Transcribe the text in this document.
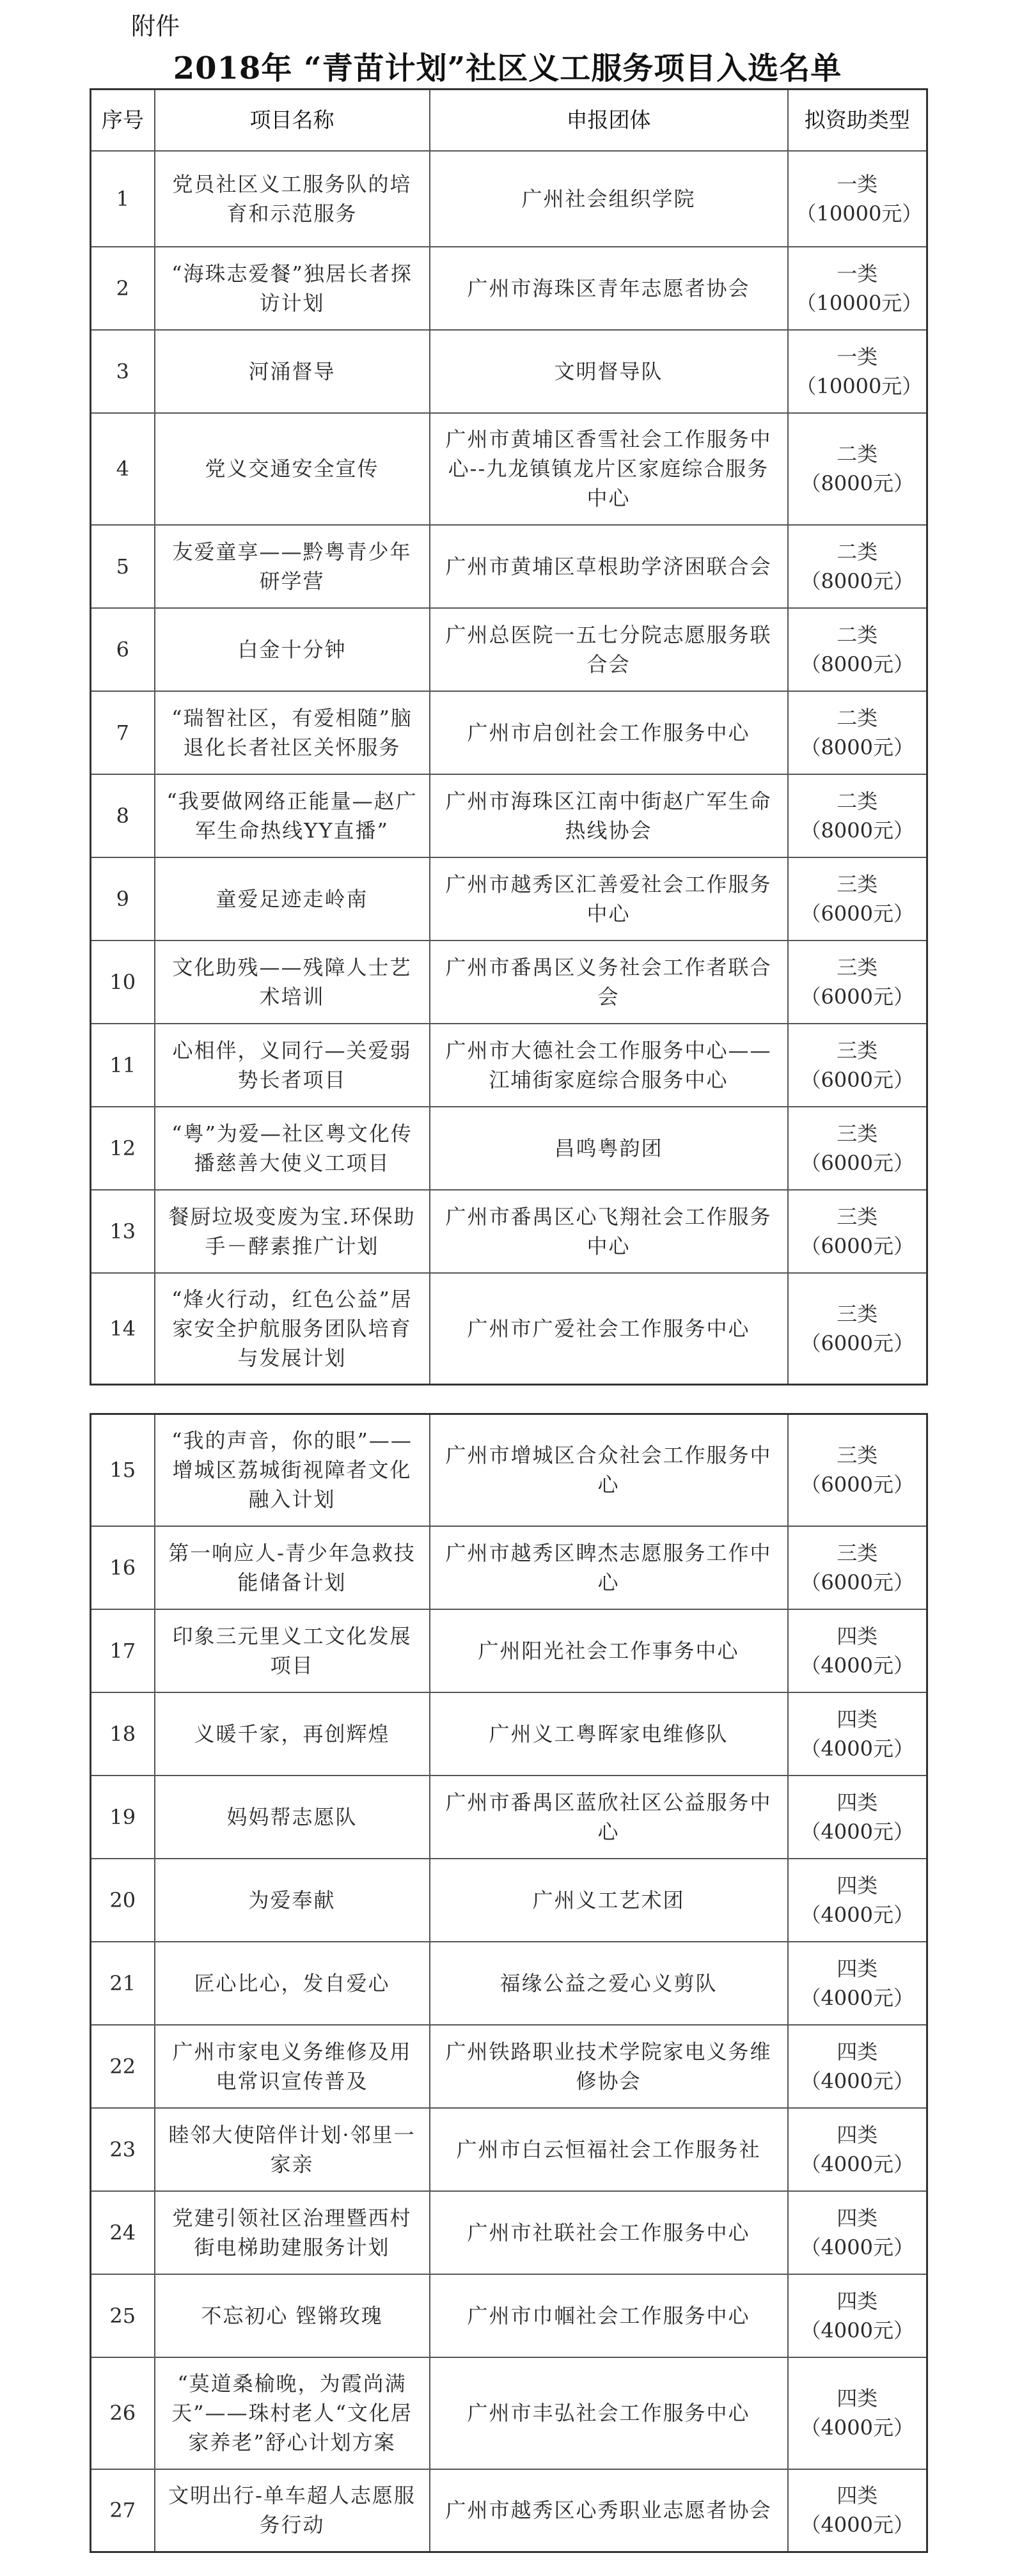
附件
2018年 “青苗计划”社区义工服务项目入选名单
序号	项目名称	申报团体	拟资助类型
1	党员社区义工服务队的培育和示范服务	广州社会组织学院	一类
（10000元）

2	“海珠志爱餐”独居长者探访计划	广州市海珠区青年志愿者协会	一类
（10000元）

3	河涌督导	文明督导队	一类
（10000元）

4	党义交通安全宣传	广州市黄埔区香雪社会工作服务中心--九龙镇镇龙片区家庭综合服务中心	二类
（8000元）

5	友爱童享——黔粤青少年研学营	广州市黄埔区草根助学济困联合会	二类
（8000元）

6	白金十分钟	广州总医院一五七分院志愿服务联合会	二类
（8000元）

7	“瑞智社区，有爱相随”脑退化长者社区关怀服务	广州市启创社会工作服务中心	二类
（8000元）

8	“我要做网络正能量—赵广军生命热线YY直播”	广州市海珠区江南中街赵广军生命热线协会	二类
（8000元）

9	童爱足迹走岭南	广州市越秀区汇善爱社会工作服务中心	三类
（6000元）

10	文化助残——残障人士艺术培训	广州市番禺区义务社会工作者联合会	三类
（6000元）

11	心相伴，义同行—关爱弱势长者项目	广州市大德社会工作服务中心——江埔街家庭综合服务中心	三类
（6000元）

12	“粤”为爱—社区粤文化传播慈善大使义工项目	昌鸣粤韵团	三类
（6000元）

13	餐厨垃圾变废为宝.环保助手－酵素推广计划	广州市番禺区心飞翔社会工作服务中心	三类
（6000元）

14	“烽火行动，红色公益”居家安全护航服务团队培育与发展计划	广州市广爱社会工作服务中心	三类
（6000元）
15	“我的声音，你的眼”——增城区荔城街视障者文化融入计划	广州市增城区合众社会工作服务中心	三类
（6000元）

16	第一响应人-青少年急救技能储备计划	广州市越秀区睥杰志愿服务工作中心	三类
（6000元）

17	印象三元里义工文化发展项目	广州阳光社会工作事务中心	四类
（4000元）

18	义暖千家，再创辉煌	广州义工粤晖家电维修队	四类
（4000元）

19	妈妈帮志愿队	广州市番禺区蓝欣社区公益服务中心	四类
（4000元）

20	为爱奉献	广州义工艺术团	四类
（4000元）

21	匠心比心，发自爱心	福缘公益之爱心义剪队	四类
（4000元）

22	广州市家电义务维修及用电常识宣传普及	广州铁路职业技术学院家电义务维修协会	四类
（4000元）

23	睦邻大使陪伴计划·邻里一家亲	广州市白云恒福社会工作服务社	四类
（4000元）

24	党建引领社区治理暨西村街电梯助建服务计划	广州市社联社会工作服务中心	四类
（4000元）

25	不忘初心 铿锵玫瑰	广州市巾帼社会工作服务中心	四类
（4000元）

26	“莫道桑榆晚，为霞尚满天”——珠村老人“文化居家养老”舒心计划方案	广州市丰弘社会工作服务中心	四类
（4000元）

27	文明出行-单车超人志愿服务行动	广州市越秀区心秀职业志愿者协会	四类
（4000元）
